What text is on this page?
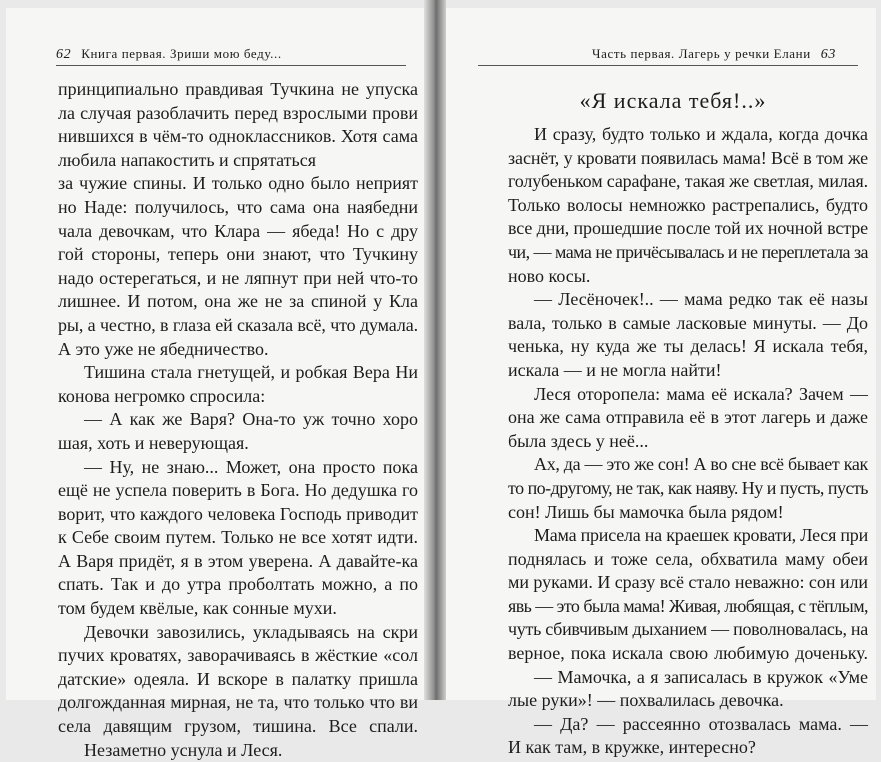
62 Книга первая. Зриши мою беду...
принципиально правдивая Тучкина не упуска
ла случая разоблачить перед взрослыми прови
нившихся в чём-то одноклассников. Хотя сама
любила напакостить и спрятаться
за чужие спины. И только одно было неприят
но Наде: получилось, что сама она наябедни
чала девочкам, что Клара — ябеда! Но с дру
гой стороны, теперь они знают, что Тучкину
надо остерегаться, и не ляпнут при ней что-то
лишнее. И потом, она же не за спиной у Кла
ры, а честно, в глаза ей сказала всё, что думала.
А это уже не ябедничество.
Тишина стала гнетущей, и робкая Вера Ни
конова негромко спросила:
— А как же Варя? Она-то уж точно хоро
шая, хоть и неверующая.
— Ну, не знаю... Может, она просто пока
ещё не успела поверить в Бога. Но дедушка го
ворит, что каждого человека Господь приводит
к Себе своим путем. Только не все хотят идти.
А Варя придёт, я в этом уверена. А давайте-ка
спать. Так и до утра проболтать можно, а по
том будем квёлые, как сонные мухи.
Девочки завозились, укладываясь на скри
пучих кроватях, заворачиваясь в жёсткие «сол
датские» одеяла. И вскоре в палатку пришла
долгожданная мирная, не та, что только что ви
села давящим грузом, тишина. Все спали.
Незаметно уснула и Леся.
Часть первая. Лагерь у речки Елани 63
«Я искала тебя!..»
И сразу, будто только и ждала, когда дочка
заснёт, у кровати появилась мама! Всё в том же
голубеньком сарафане, такая же светлая, милая.
Только волосы немножко растрепались, будто
все дни, прошедшие после той их ночной встре
чи, — мама не причёсывалась и не переплетала за
ново косы.
— Лесёночек!.. — мама редко так её назы
вала, только в самые ласковые минуты. — До
ченька, ну куда же ты делась! Я искала тебя,
искала — и не могла найти!
Леся оторопела: мама её искала? Зачем —
она же сама отправила её в этот лагерь и даже
была здесь у неё...
Ах, да — это же сон! А во сне всё бывает как
то по-другому, не так, как наяву. Ну и пусть, пусть
сон! Лишь бы мамочка была рядом!
Мама присела на краешек кровати, Леся при
поднялась и тоже села, обхватила маму обеи
ми руками. И сразу всё стало неважно: сон или
явь — это была мама! Живая, любящая, с тёплым,
чуть сбивчивым дыханием — поволновалась, на
верное, пока искала свою любимую доченьку.
— Мамочка, а я записалась в кружок «Уме
лые руки»! — похвалилась девочка.
— Да? — рассеянно отозвалась мама. —
И как там, в кружке, интересно?
